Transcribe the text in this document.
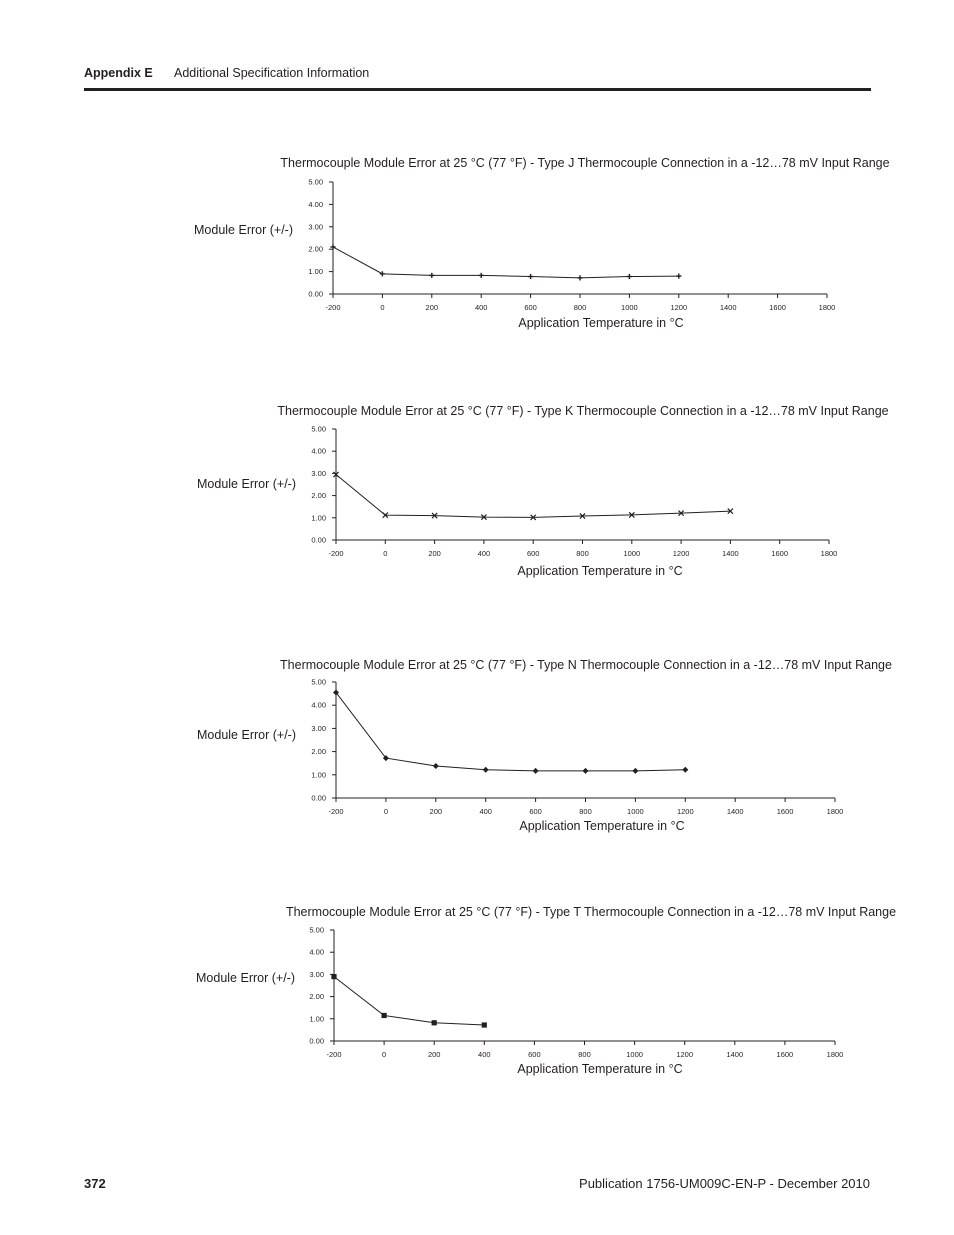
Appendix E Additional Specification Information
Thermocouple Module Error at 25 °C (77 °F) - Type J Thermocouple Connection in a -12…78 mV Input Range
Module Error (+/-)
Application Temperature in °C
0.00
1.00
2.00
3.00
4.00
5.00
-200	0	200	400	600	800	1000	1200	1400	1600	1800
Thermocouple Module Error at 25 °C (77 °F) - Type K Thermocouple Connection in a -12…78 mV Input Range
Module Error (+/-)
Application Temperature in °C
0.00
1.00
2.00
3.00
4.00
5.00
-200	0	200	400	600	800	1000	1200	1400	1600	1800
Thermocouple Module Error at 25 °C (77 °F) - Type N Thermocouple Connection in a -12…78 mV Input Range
Module Error (+/-)
Application Temperature in °C
0.00
1.00
2.00
3.00
4.00
5.00
-200	0	200	400	600	800	1000	1200	1400	1600	1800
Thermocouple Module Error at 25 °C (77 °F) - Type T Thermocouple Connection in a -12…78 mV Input Range
Module Error (+/-)
Application Temperature in °C
0.00
1.00
2.00
3.00
4.00
5.00
-200	0	200	400	600	800	1000	1200	1400	1600	1800
372	Publication 1756-UM009C-EN-P - December 2010
